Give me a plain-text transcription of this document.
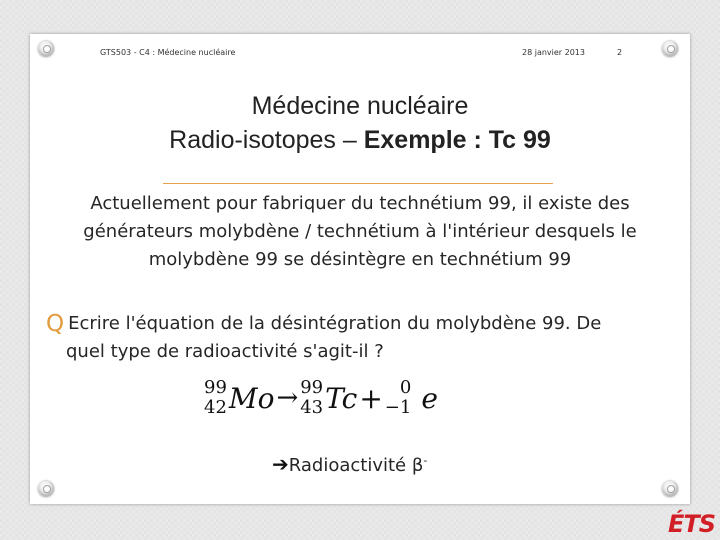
GTS503 - C4 : Médecine nucléaire	28 janvier 2013	2
Médecine nucléaire
Radio-isotopes – Exemple : Tc 99
Actuellement pour fabriquer du technétium 99, il existe des générateurs molybdène / technétium à l'intérieur desquels le molybdène 99 se désintègre en technétium 99
Q Ecrire l'équation de la désintégration du molybdène 99. De
quel type de radioactivité s'agit-il ?
99
42 Mo → 99
43 Tc + 0
−1 e
➔Radioactivité β-
ÉTS
